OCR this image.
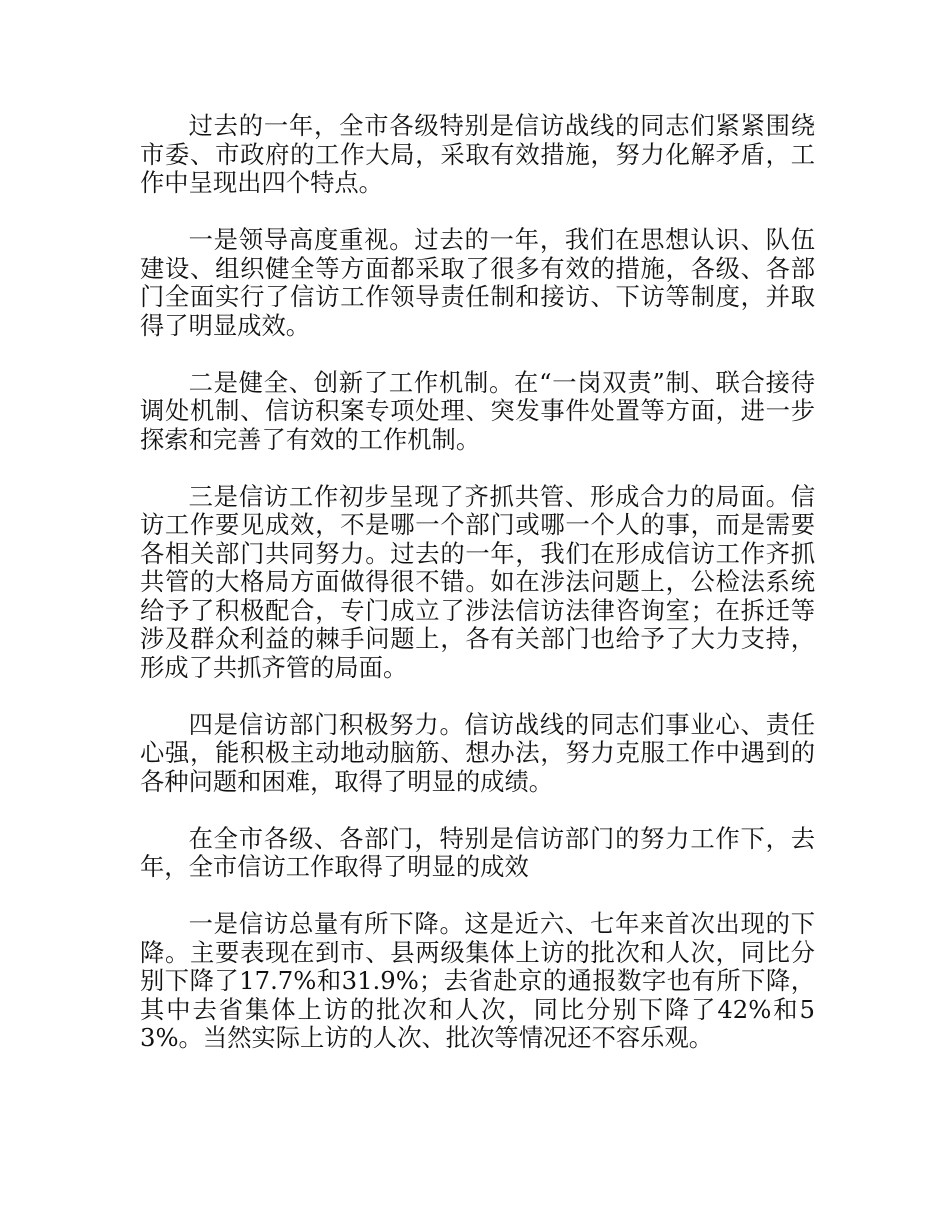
过去的一年，全市各级特别是信访战线的同志们紧紧围绕市委、市政府的工作大局，采取有效措施，努力化解矛盾，工作中呈现出四个特点。

一是领导高度重视。过去的一年，我们在思想认识、队伍建设、组织健全等方面都采取了很多有效的措施，各级、各部门全面实行了信访工作领导责任制和接访、下访等制度，并取得了明显成效。

二是健全、创新了工作机制。在“一岗双责”制、联合接待调处机制、信访积案专项处理、突发事件处置等方面，进一步探索和完善了有效的工作机制。

三是信访工作初步呈现了齐抓共管、形成合力的局面。信访工作要见成效，不是哪一个部门或哪一个人的事，而是需要各相关部门共同努力。过去的一年，我们在形成信访工作齐抓共管的大格局方面做得很不错。如在涉法问题上，公检法系统给予了积极配合，专门成立了涉法信访法律咨询室；在拆迁等涉及群众利益的棘手问题上，各有关部门也给予了大力支持，形成了共抓齐管的局面。

四是信访部门积极努力。信访战线的同志们事业心、责任心强，能积极主动地动脑筋、想办法，努力克服工作中遇到的各种问题和困难，取得了明显的成绩。

在全市各级、各部门，特别是信访部门的努力工作下，去年，全市信访工作取得了明显的成效

一是信访总量有所下降。这是近六、七年来首次出现的下降。主要表现在到市、县两级集体上访的批次和人次，同比分别下降了17.7%和31.9%；去省赴京的通报数字也有所下降，其中去省集体上访的批次和人次，同比分别下降了42%和53%。当然实际上访的人次、批次等情况还不容乐观。
